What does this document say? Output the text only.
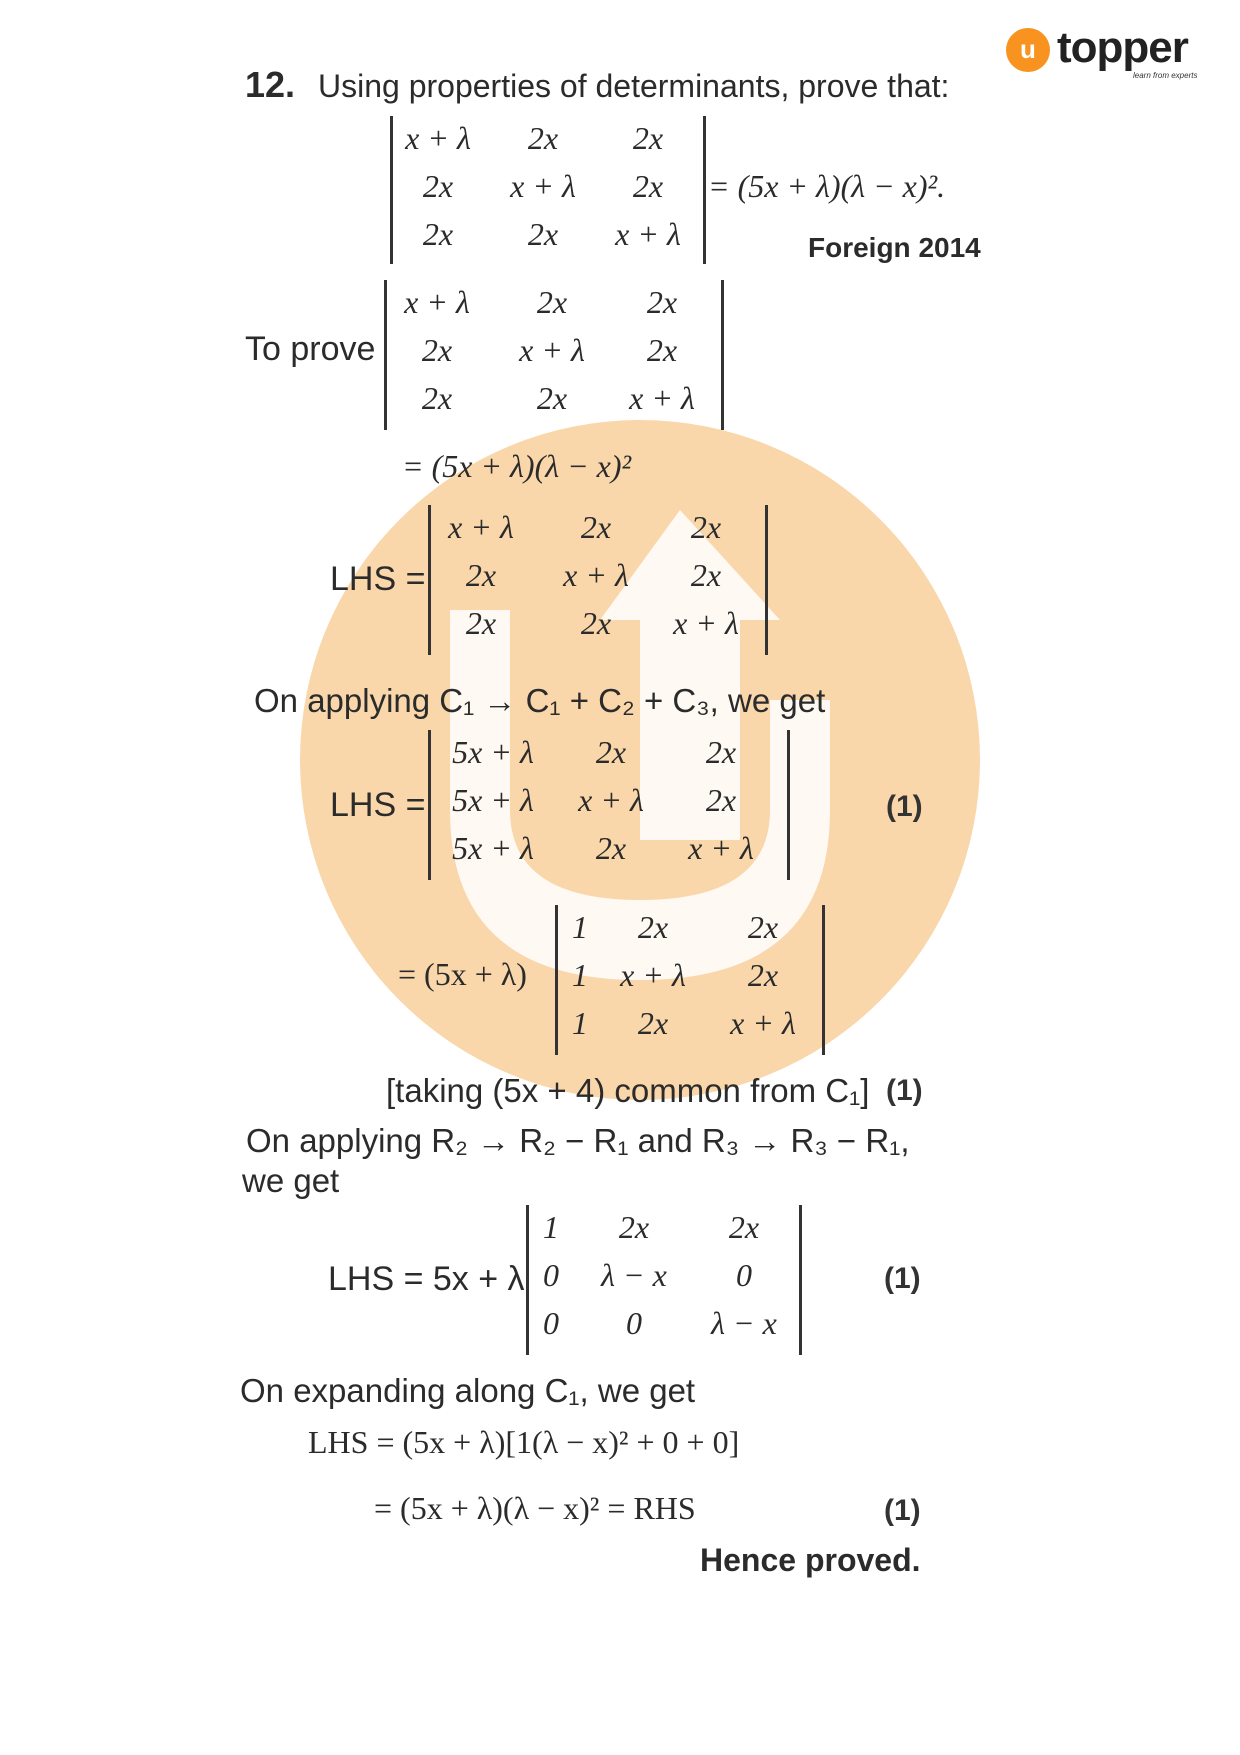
u topper
learn from experts
12. Using properties of determinants, prove that:
x + λ 2x 2x
2x x + λ 2x
2x 2x x + λ
= (5x + λ)(λ − x)².
Foreign 2014
To prove
x + λ 2x 2x
2x x + λ 2x
2x	2x x + λ
= (5x + λ)(λ − x)²
LHS =
x + λ 2x 2x
2x x + λ 2x
2x	2x x + λ
On applying C₁ → C₁ + C₂ + C₃, we get
LHS =
5x + λ 2x 2x
5x + λ x + λ 2x
5x + λ 2x x + λ
(1)
= (5x + λ)
1 2x 2x
1 x + λ 2x
1 2x x + λ
[taking (5x + 4) common from C₁] (1)
On applying R₂ → R₂ − R₁ and R₃ → R₃ − R₁,
we get
LHS = 5x + λ
1 2x 2x
0 λ − x 0
0 0 λ − x
(1)
On expanding along C₁, we get
LHS = (5x + λ)[1(λ − x)² + 0 + 0]
= (5x + λ)(λ − x)² = RHS	(1)
Hence proved.
